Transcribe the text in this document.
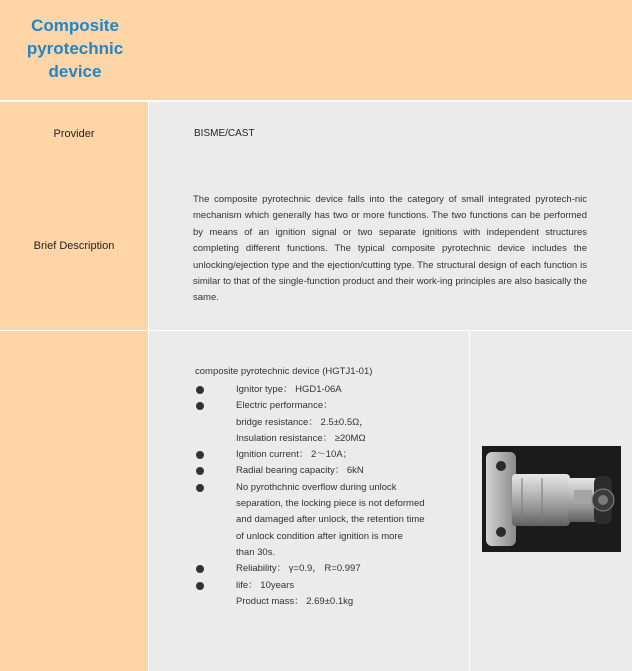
Composite
pyrotechnic
device
Provider	BISME/CAST
Brief Description
The composite pyrotechnic device falls into the category of small integrated pyrotech-nic mechanism which generally has two or more functions. The two functions can be performed by means of an ignition signal or two separate ignitions with independent structures completing different functions. The typical composite pyrotechnic device includes the unlocking/ejection type and the ejection/cutting type. The structural design of each function is similar to that of the single-function product and their work-ing principles are also basically the same.
composite pyrotechnic device (HGTJ1-01)
Ignitor type： HGD1-06A
Electric performance：
bridge resistance： 2.5±0.5Ω，
Insulation resistance： ≥20MΩ
Ignition current： 2～10A；
Radial bearing capacity： 6kN
No pyrothchnic overflow during unlock
separation, the locking piece is not deformed
and damaged after unlock, the retention time
of unlock condition after ignition is more
than 30s.
Reliability： γ=0.9， R=0.997
life： 10years
Product mass： 2.69±0.1kg
